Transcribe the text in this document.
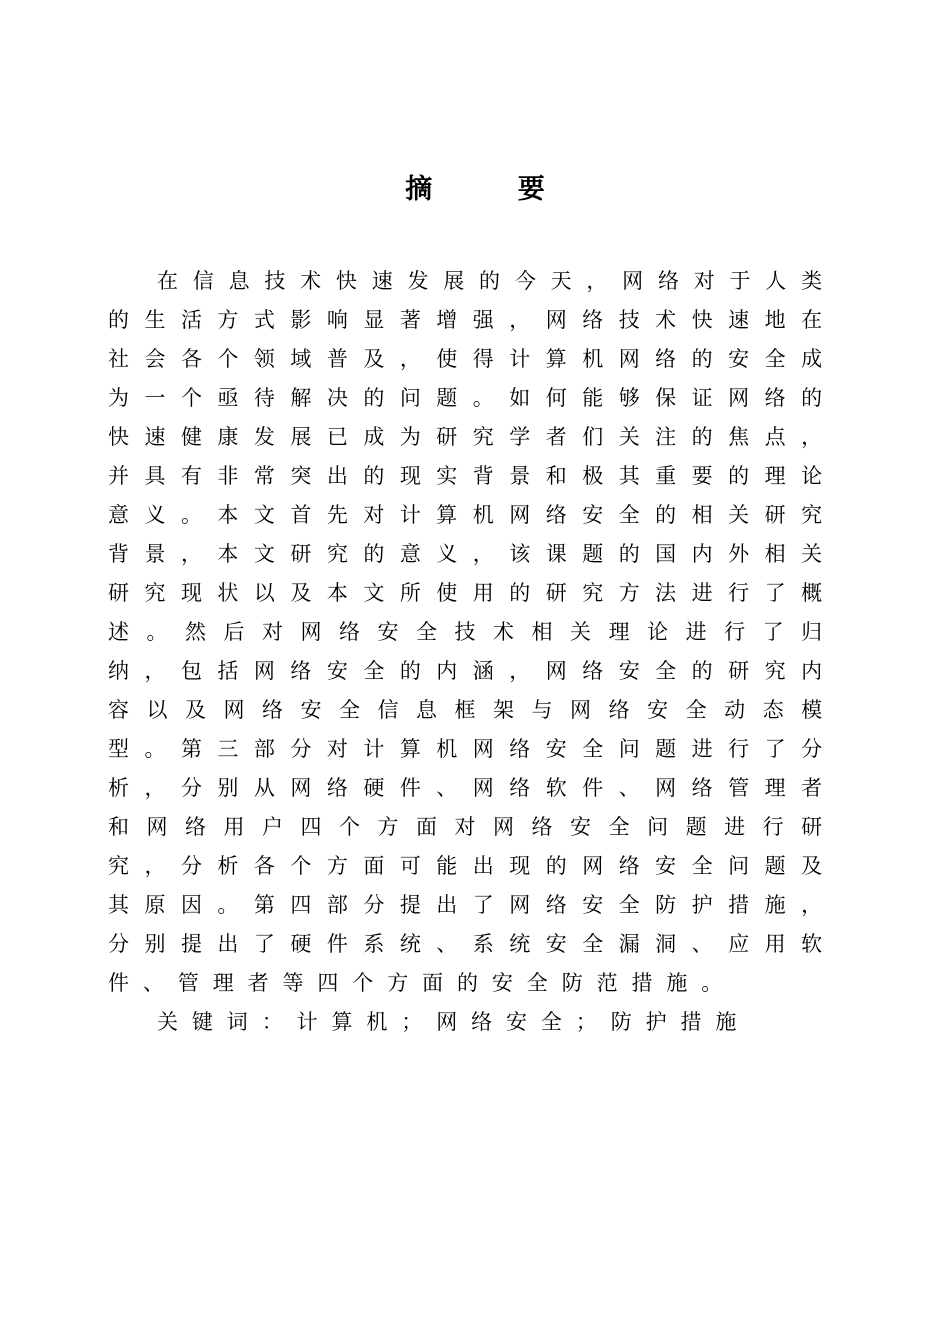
摘 要

在信息技术快速发展的今天，网络对于人类的生活方式影响显著增强，网络技术快速地在社会各个领域普及，使得计算机网络的安全成为一个亟待解决的问题。如何能够保证网络的快速健康发展已成为研究学者们关注的焦点，并具有非常突出的现实背景和极其重要的理论意义。本文首先对计算机网络安全的相关研究背景，本文研究的意义，该课题的国内外相关研究现状以及本文所使用的研究方法进行了概述。然后对网络安全技术相关理论进行了归纳，包括网络安全的内涵，网络安全的研究内容以及网络安全信息框架与网络安全动态模型。第三部分对计算机网络安全问题进行了分析，分别从网络硬件、网络软件、网络管理者和网络用户四个方面对网络安全问题进行研究，分析各个方面可能出现的网络安全问题及其原因。第四部分提出了网络安全防护措施，分别提出了硬件系统、系统安全漏洞、应用软件、管理者等四个方面的安全防范措施。

关键词：计算机；网络安全；防护措施
